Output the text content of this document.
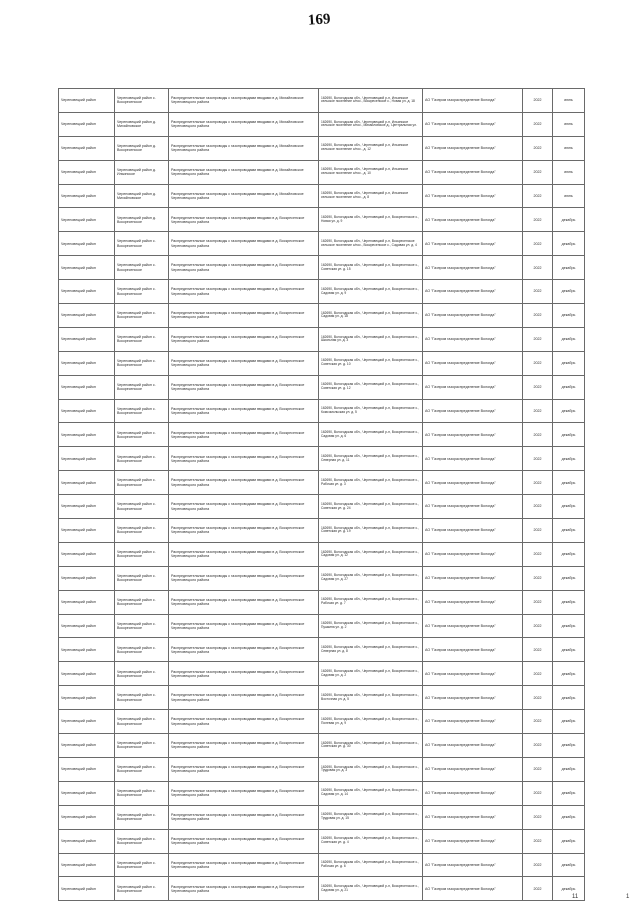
169
Череповецкий район	Череповецкий район с. Воскресенское	Распределительные газопроводы с газопроводами вводами в д. Михайловское Череповецкого района	162690, Вологодская обл., Череповецкий р-н, Ильинское сельское поселение с/пос., Воскресенское с., Новая ул. д. 18	АО "Газпром газораспределение Вологда"	2022	июнь
Череповецкий район	Череповецкий район д. Михайловское	Распределительные газопроводы с газопроводами вводами в д. Михайловское Череповецкого района	162690, Вологодская обл., Череповецкий р-н, Ильинское сельское поселение с/пос., Михайловское д., Центральная ул.	АО "Газпром газораспределение Вологда"	2022	июнь
Череповецкий район	Череповецкий район д. Воскресенское	Распределительные газопроводы с газопроводами вводами в д. Михайловское Череповецкого района	162690, Вологодская обл., Череповецкий р-н, Ильинское сельское поселение с/пос., д. 12	АО "Газпром газораспределение Вологда"	2022	июнь
Череповецкий район	Череповецкий район д. Ильинское	Распределительные газопроводы с газопроводами вводами в д. Михайловское Череповецкого района	162690, Вологодская обл., Череповецкий р-н, Ильинское сельское поселение с/пос., д. 10	АО "Газпром газораспределение Вологда"	2022	июнь
Череповецкий район	Череповецкий район д. Михайловское	Распределительные газопроводы с газопроводами вводами в д. Михайловское Череповецкого района	162690, Вологодская обл., Череповецкий р-н, Ильинское сельское поселение с/пос., д. 8	АО "Газпром газораспределение Вологда"	2022	июнь
Череповецкий район	Череповецкий район д. Воскресенское	Распределительные газопроводы с газопроводами вводами в д. Воскресенское Череповецкого района	162690, Вологодская обл., Череповецкий р-н, Воскресенское с., Новая ул. д. 9	АО "Газпром газораспределение Вологда"	2022	декабрь
Череповецкий район	Череповецкий район с. Воскресенское	Распределительные газопроводы с газопроводами вводами в д. Воскресенское Череповецкого района	162690, Вологодская обл., Череповецкий р-н, Воскресенское сельское поселение с/пос., Воскресенское с., Садовая ул. д. 4	АО "Газпром газораспределение Вологда"	2022	декабрь
Череповецкий район	Череповецкий район с. Воскресенское	Распределительные газопроводы с газопроводами вводами в д. Воскресенское Череповецкого района	162690, Вологодская обл., Череповецкий р-н, Воскресенское с., Советская ул. д. 15	АО "Газпром газораспределение Вологда"	2022	декабрь
Череповецкий район	Череповецкий район с. Воскресенское	Распределительные газопроводы с газопроводами вводами в д. Воскресенское Череповецкого района	162690, Вологодская обл., Череповецкий р-н, Воскресенское с., Садовая ул. д. 9	АО "Газпром газораспределение Вологда"	2022	декабрь
Череповецкий район	Череповецкий район с. Воскресенское	Распределительные газопроводы с газопроводами вводами в д. Воскресенское Череповецкого района	162690, Вологодская обл., Череповецкий р-н, Воскресенское с., Садовая ул. д. 18	АО "Газпром газораспределение Вологда"	2022	декабрь
Череповецкий район	Череповецкий район с. Воскресенское	Распределительные газопроводы с газопроводами вводами в д. Воскресенское Череповецкого района	162690, Вологодская обл., Череповецкий р-н, Воскресенское с., Школьная ул. д. 3	АО "Газпром газораспределение Вологда"	2022	декабрь
Череповецкий район	Череповецкий район с. Воскресенское	Распределительные газопроводы с газопроводами вводами в д. Воскресенское Череповецкого района	162690, Вологодская обл., Череповецкий р-н, Воскресенское с., Советская ул. д. 10	АО "Газпром газораспределение Вологда"	2022	декабрь
Череповецкий район	Череповецкий район с. Воскресенское	Распределительные газопроводы с газопроводами вводами в д. Воскресенское Череповецкого района	162690, Вологодская обл., Череповецкий р-н, Воскресенское с., Советская ул. д. 12	АО "Газпром газораспределение Вологда"	2022	декабрь
Череповецкий район	Череповецкий район с. Воскресенское	Распределительные газопроводы с газопроводами вводами в д. Воскресенское Череповецкого района	162690, Вологодская обл., Череповецкий р-н, Воскресенское с., Комсомольская ул. д. 5	АО "Газпром газораспределение Вологда"	2022	декабрь
Череповецкий район	Череповецкий район с. Воскресенское	Распределительные газопроводы с газопроводами вводами в д. Воскресенское Череповецкого района	162690, Вологодская обл., Череповецкий р-н, Воскресенское с., Садовая ул. д. 6	АО "Газпром газораспределение Вологда"	2022	декабрь
Череповецкий район	Череповецкий район с. Воскресенское	Распределительные газопроводы с газопроводами вводами в д. Воскресенское Череповецкого района	162690, Вологодская обл., Череповецкий р-н, Воскресенское с., Северная ул. д. 11	АО "Газпром газораспределение Вологда"	2022	декабрь
Череповецкий район	Череповецкий район с. Воскресенское	Распределительные газопроводы с газопроводами вводами в д. Воскресенское Череповецкого района	162690, Вологодская обл., Череповецкий р-н, Воскресенское с., Рабочая ул. д. 3	АО "Газпром газораспределение Вологда"	2022	декабрь
Череповецкий район	Череповецкий район с. Воскресенское	Распределительные газопроводы с газопроводами вводами в д. Воскресенское Череповецкого района	162690, Вологодская обл., Череповецкий р-н, Воскресенское с., Советская ул. д. 24	АО "Газпром газораспределение Вологда"	2022	декабрь
Череповецкий район	Череповецкий район с. Воскресенское	Распределительные газопроводы с газопроводами вводами в д. Воскресенское Череповецкого района	162690, Вологодская обл., Череповецкий р-н, Воскресенское с., Советская ул. д. 19	АО "Газпром газораспределение Вологда"	2022	декабрь
Череповецкий район	Череповецкий район с. Воскресенское	Распределительные газопроводы с газопроводами вводами в д. Воскресенское Череповецкого района	162690, Вологодская обл., Череповецкий р-н, Воскресенское с., Садовая ул. д. 12	АО "Газпром газораспределение Вологда"	2022	декабрь
Череповецкий район	Череповецкий район с. Воскресенское	Распределительные газопроводы с газопроводами вводами в д. Воскресенское Череповецкого района	162690, Вологодская обл., Череповецкий р-н, Воскресенское с., Садовая ул. д. 27	АО "Газпром газораспределение Вологда"	2022	декабрь
Череповецкий район	Череповецкий район с. Воскресенское	Распределительные газопроводы с газопроводами вводами в д. Воскресенское Череповецкого района	162690, Вологодская обл., Череповецкий р-н, Воскресенское с., Рабочая ул. д. 7	АО "Газпром газораспределение Вологда"	2022	декабрь
Череповецкий район	Череповецкий район с. Воскресенское	Распределительные газопроводы с газопроводами вводами в д. Воскресенское Череповецкого района	162690, Вологодская обл., Череповецкий р-н, Воскресенское с., Пушкина ул. д. 2	АО "Газпром газораспределение Вологда"	2022	декабрь
Череповецкий район	Череповецкий район с. Воскресенское	Распределительные газопроводы с газопроводами вводами в д. Воскресенское Череповецкого района	162690, Вологодская обл., Череповецкий р-н, Воскресенское с., Северная ул. д. 8	АО "Газпром газораспределение Вологда"	2022	декабрь
Череповецкий район	Череповецкий район с. Воскресенское	Распределительные газопроводы с газопроводами вводами в д. Воскресенское Череповецкого района	162690, Вологодская обл., Череповецкий р-н, Воскресенское с., Садовая ул. д. 2	АО "Газпром газораспределение Вологда"	2022	декабрь
Череповецкий район	Череповецкий район с. Воскресенское	Распределительные газопроводы с газопроводами вводами в д. Воскресенское Череповецкого района	162690, Вологодская обл., Череповецкий р-н, Воскресенское с., Восточная ул. д. 5	АО "Газпром газораспределение Вологда"	2022	декабрь
Череповецкий район	Череповецкий район с. Воскресенское	Распределительные газопроводы с газопроводами вводами в д. Воскресенское Череповецкого района	162690, Вологодская обл., Череповецкий р-н, Воскресенское с., Полевая ул. д. 9	АО "Газпром газораспределение Вологда"	2022	декабрь
Череповецкий район	Череповецкий район с. Воскресенское	Распределительные газопроводы с газопроводами вводами в д. Воскресенское Череповецкого района	162690, Вологодская обл., Череповецкий р-н, Воскресенское с., Советская ул. д. 30	АО "Газпром газораспределение Вологда"	2022	декабрь
Череповецкий район	Череповецкий район с. Воскресенское	Распределительные газопроводы с газопроводами вводами в д. Воскресенское Череповецкого района	162690, Вологодская обл., Череповецкий р-н, Воскресенское с., Трудовая ул. д. 3	АО "Газпром газораспределение Вологда"	2022	декабрь
Череповецкий район	Череповецкий район с. Воскресенское	Распределительные газопроводы с газопроводами вводами в д. Воскресенское Череповецкого района	162690, Вологодская обл., Череповецкий р-н, Воскресенское с., Садовая ул. д. 14	АО "Газпром газораспределение Вологда"	2022	декабрь
Череповецкий район	Череповецкий район с. Воскресенское	Распределительные газопроводы с газопроводами вводами в д. Воскресенское Череповецкого района	162690, Вологодская обл., Череповецкий р-н, Воскресенское с., Трудовая ул. д. 15	АО "Газпром газораспределение Вологда"	2022	декабрь
Череповецкий район	Череповецкий район с. Воскресенское	Распределительные газопроводы с газопроводами вводами в д. Воскресенское Череповецкого района	162690, Вологодская обл., Череповецкий р-н, Воскресенское с., Советская ул. д. 4	АО "Газпром газораспределение Вологда"	2022	декабрь
Череповецкий район	Череповецкий район с. Воскресенское	Распределительные газопроводы с газопроводами вводами в д. Воскресенское Череповецкого района	162690, Вологодская обл., Череповецкий р-н, Воскресенское с., Рабочая ул. д. 6	АО "Газпром газораспределение Вологда"	2022	декабрь
Череповецкий район	Череповецкий район с. Воскресенское	Распределительные газопроводы с газопроводами вводами в д. Воскресенское Череповецкого района	162690, Вологодская обл., Череповецкий р-н, Воскресенское с., Садовая ул. д. 21	АО "Газпром газораспределение Вологда"	2022	декабрь
11	1
